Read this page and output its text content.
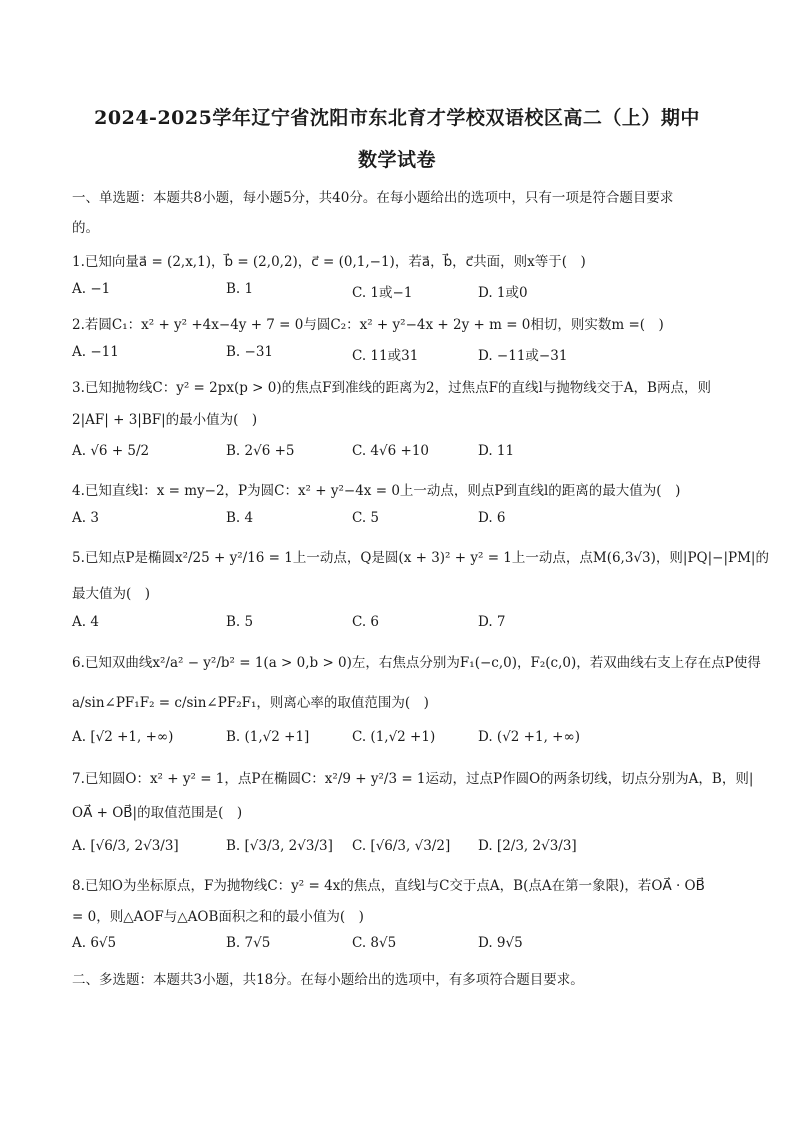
2024-2025学年辽宁省沈阳市东北育才学校双语校区高二（上）期中
数学试卷
一、单选题：本题共8小题，每小题5分，共40分。在每小题给出的选项中，只有一项是符合题目要求
的。
1.已知向量a⃗ = (2,x,1)，b⃗ = (2,0,2)，c⃗ = (0,1,−1)，若a⃗，b⃗，c⃗共面，则x等于(　)
A. −1	B. 1	C. 1或−1	D. 1或0
2.若圆C₁：x² + y² +4x−4y + 7 = 0与圆C₂：x² + y²−4x + 2y + m = 0相切，则实数m =(　)
A. −11	B. −31	C. 11或31	D. −11或−31
3.已知抛物线C：y² = 2px(p > 0)的焦点F到准线的距离为2，过焦点F的直线l与抛物线交于A，B两点，则
2|AF| + 3|BF|的最小值为(　)
A. √6 + 5/2	B. 2√6 +5	C. 4√6 +10	D. 11
4.已知直线l：x = my−2，P为圆C：x² + y²−4x = 0上一动点，则点P到直线l的距离的最大值为(　)
A. 3	B. 4	C. 5	D. 6
5.已知点P是椭圆x²/25 + y²/16 = 1上一动点，Q是圆(x + 3)² + y² = 1上一动点，点M(6,3√3)，则|PQ|−|PM|的
最大值为(　)
A. 4	B. 5	C. 6	D. 7
6.已知双曲线x²/a² − y²/b² = 1(a > 0,b > 0)左，右焦点分别为F₁(−c,0)，F₂(c,0)，若双曲线右支上存在点P使得
a/sin∠PF₁F₂ = c/sin∠PF₂F₁，则离心率的取值范围为(　)
A. [√2 +1, +∞)	B. (1,√2 +1]	C. (1,√2 +1)	D. (√2 +1, +∞)
7.已知圆O：x² + y² = 1，点P在椭圆C：x²/9 + y²/3 = 1运动，过点P作圆O的两条切线，切点分别为A，B，则|
OA⃗ + OB⃗|的取值范围是(　)
A. [√6/3, 2√3/3]	B. [√3/3, 2√3/3] C. [√6/3, √3/2] D. [2/3, 2√3/3]
8.已知O为坐标原点，F为抛物线C：y² = 4x的焦点，直线l与C交于点A，B(点A在第一象限)，若OA⃗ · OB⃗
= 0，则△AOF与△AOB面积之和的最小值为(　)
A. 6√5	B. 7√5	C. 8√5	D. 9√5
二、多选题：本题共3小题，共18分。在每小题给出的选项中，有多项符合题目要求。
